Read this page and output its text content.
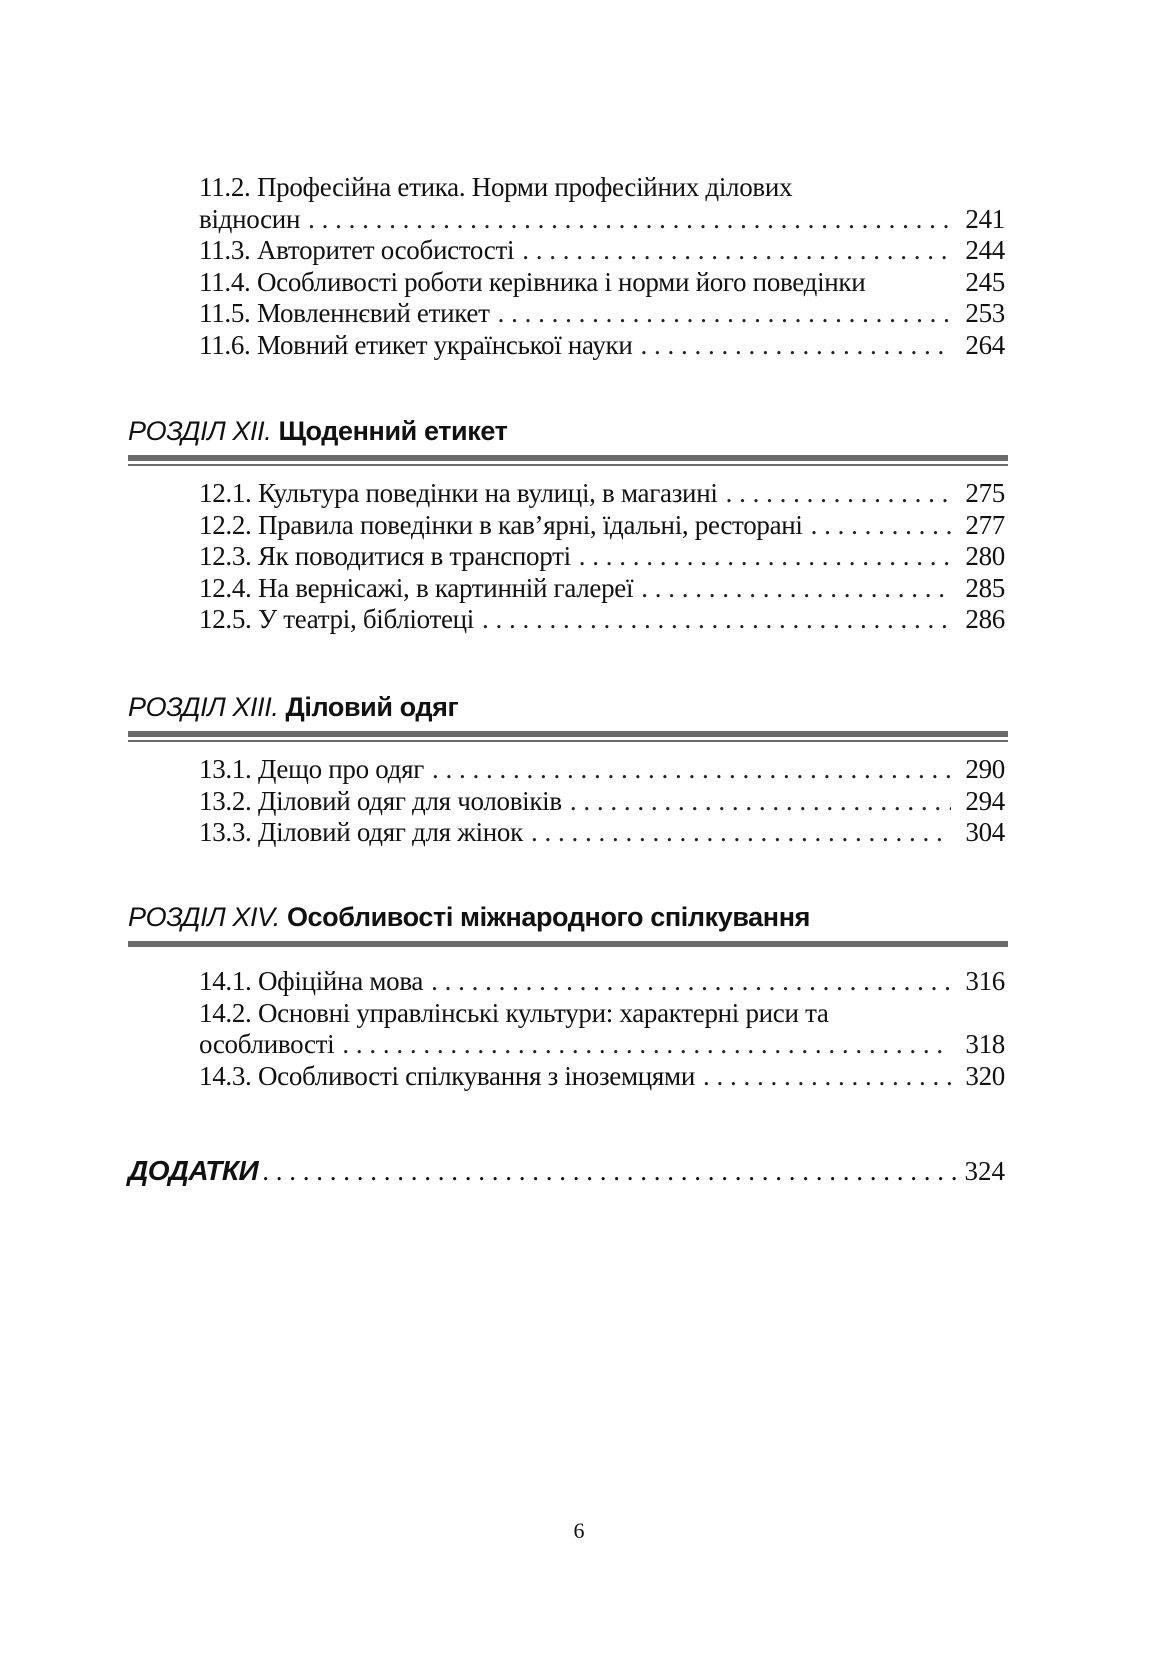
11.2. Професійна етика. Норми професійних ділових
відносин . . .	241
11.3. Авторитет особистості . . .	244
11.4. Особливості роботи керівника і норми його поведінки	245
11.5. Мовленнєвий етикет . . .	253
11.6. Мовний етикет української науки . . .	264
РОЗДІЛ XII. Щоденний етикет
12.1. Культура поведінки на вулиці, в магазині . . .	275
12.2. Правила поведінки в кав’ярні, їдальні, ресторані . . .	277
12.3. Як поводитися в транспорті . . .	280
12.4. На вернісажі, в картинній галереї . . .	285
12.5. У театрі, бібліотеці . . .	286
РОЗДІЛ XIII. Діловий одяг
13.1. Дещо про одяг . . .	290
13.2. Діловий одяг для чоловіків . . .	294
13.3. Діловий одяг для жінок . . .	304
РОЗДІЛ XIV. Особливості міжнародного спілкування
14.1. Офіційна мова . . .	316
14.2. Основні управлінські культури: характерні риси та
особливості . . .	318
14.3. Особливості спілкування з іноземцями . . .	320
ДОДАТКИ . . .	324
6
